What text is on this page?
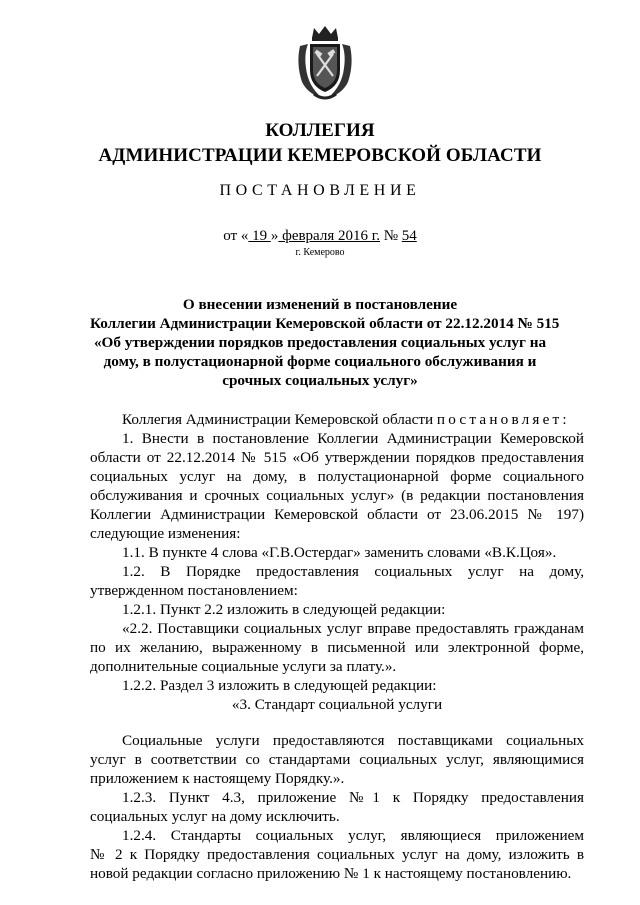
КОЛЛЕГИЯ
АДМИНИСТРАЦИИ КЕМЕРОВСКОЙ ОБЛАСТИ
ПОСТАНОВЛЕНИЕ
от « 19 » февраля 2016 г. № 54
г. Кемерово
О внесении изменений в постановление
Коллегии Администрации Кемеровской области от 22.12.2014 № 515
«Об утверждении порядков предоставления социальных услуг на
дому, в полустационарной форме социального обслуживания и
срочных социальных услуг»
Коллегия Администрации Кемеровской области постановляет:
1. Внести в постановление Коллегии Администрации Кемеровской
области от 22.12.2014 № 515 «Об утверждении порядков предоставления
социальных услуг на дому, в полустационарной форме социального
обслуживания и срочных социальных услуг» (в редакции постановления
Коллегии Администрации Кемеровской области от 23.06.2015 № 197)
следующие изменения:
1.1. В пункте 4 слова «Г.В.Остердаг» заменить словами «В.К.Цоя».
1.2. В Порядке предоставления социальных услуг на дому,
утвержденном постановлением:
1.2.1. Пункт 2.2 изложить в следующей редакции:
«2.2. Поставщики социальных услуг вправе предоставлять гражданам
по их желанию, выраженному в письменной или электронной форме,
дополнительные социальные услуги за плату.».
1.2.2. Раздел 3 изложить в следующей редакции:
«3. Стандарт социальной услуги
Социальные услуги предоставляются поставщиками социальных
услуг в соответствии со стандартами социальных услуг, являющимися
приложением к настоящему Порядку.».
1.2.3. Пункт 4.3, приложение №1 к Порядку предоставления
социальных услуг на дому исключить.
1.2.4. Стандарты социальных услуг, являющиеся приложением
№ 2 к Порядку предоставления социальных услуг на дому, изложить в
новой редакции согласно приложению № 1 к настоящему постановлению.
